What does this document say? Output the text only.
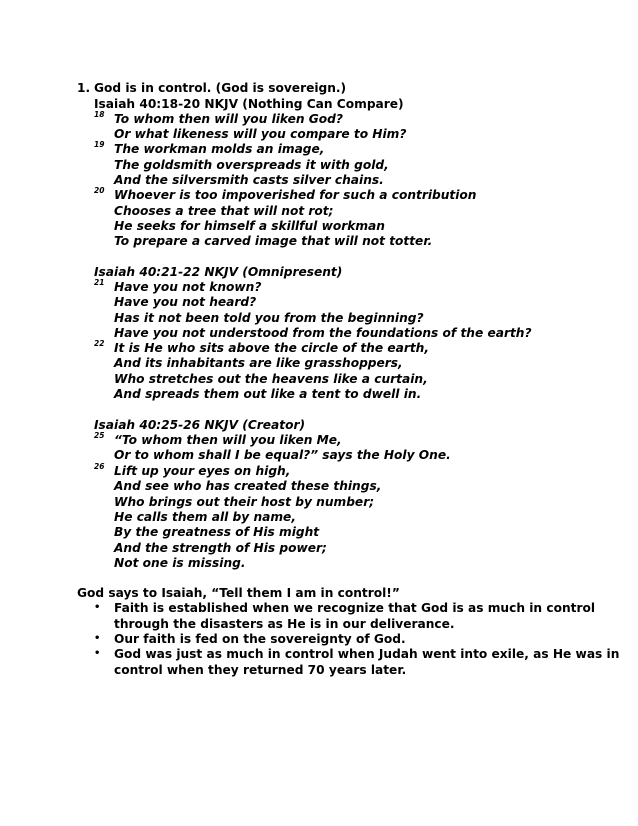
1. God is in control. (God is sovereign.)
Isaiah 40:18-20 NKJV (Nothing Can Compare)
18 To whom then will you liken God?
Or what likeness will you compare to Him?
19 The workman molds an image,
The goldsmith overspreads it with gold,
And the silversmith casts silver chains.
20 Whoever is too impoverished for such a contribution
Chooses a tree that will not rot;
He seeks for himself a skillful workman
To prepare a carved image that will not totter.
Isaiah 40:21-22 NKJV (Omnipresent)
21 Have you not known?
Have you not heard?
Has it not been told you from the beginning?
Have you not understood from the foundations of the earth?
22 It is He who sits above the circle of the earth,
And its inhabitants are like grasshoppers,
Who stretches out the heavens like a curtain,
And spreads them out like a tent to dwell in.
Isaiah 40:25-26 NKJV (Creator)
25 “To whom then will you liken Me,
Or to whom shall I be equal?” says the Holy One.
26 Lift up your eyes on high,
And see who has created these things,
Who brings out their host by number;
He calls them all by name,
By the greatness of His might
And the strength of His power;
Not one is missing.
God says to Isaiah, “Tell them I am in control!”
• Faith is established when we recognize that God is as much in control
through the disasters as He is in our deliverance.
• Our faith is fed on the sovereignty of God.
• God was just as much in control when Judah went into exile, as He was in
control when they returned 70 years later.
